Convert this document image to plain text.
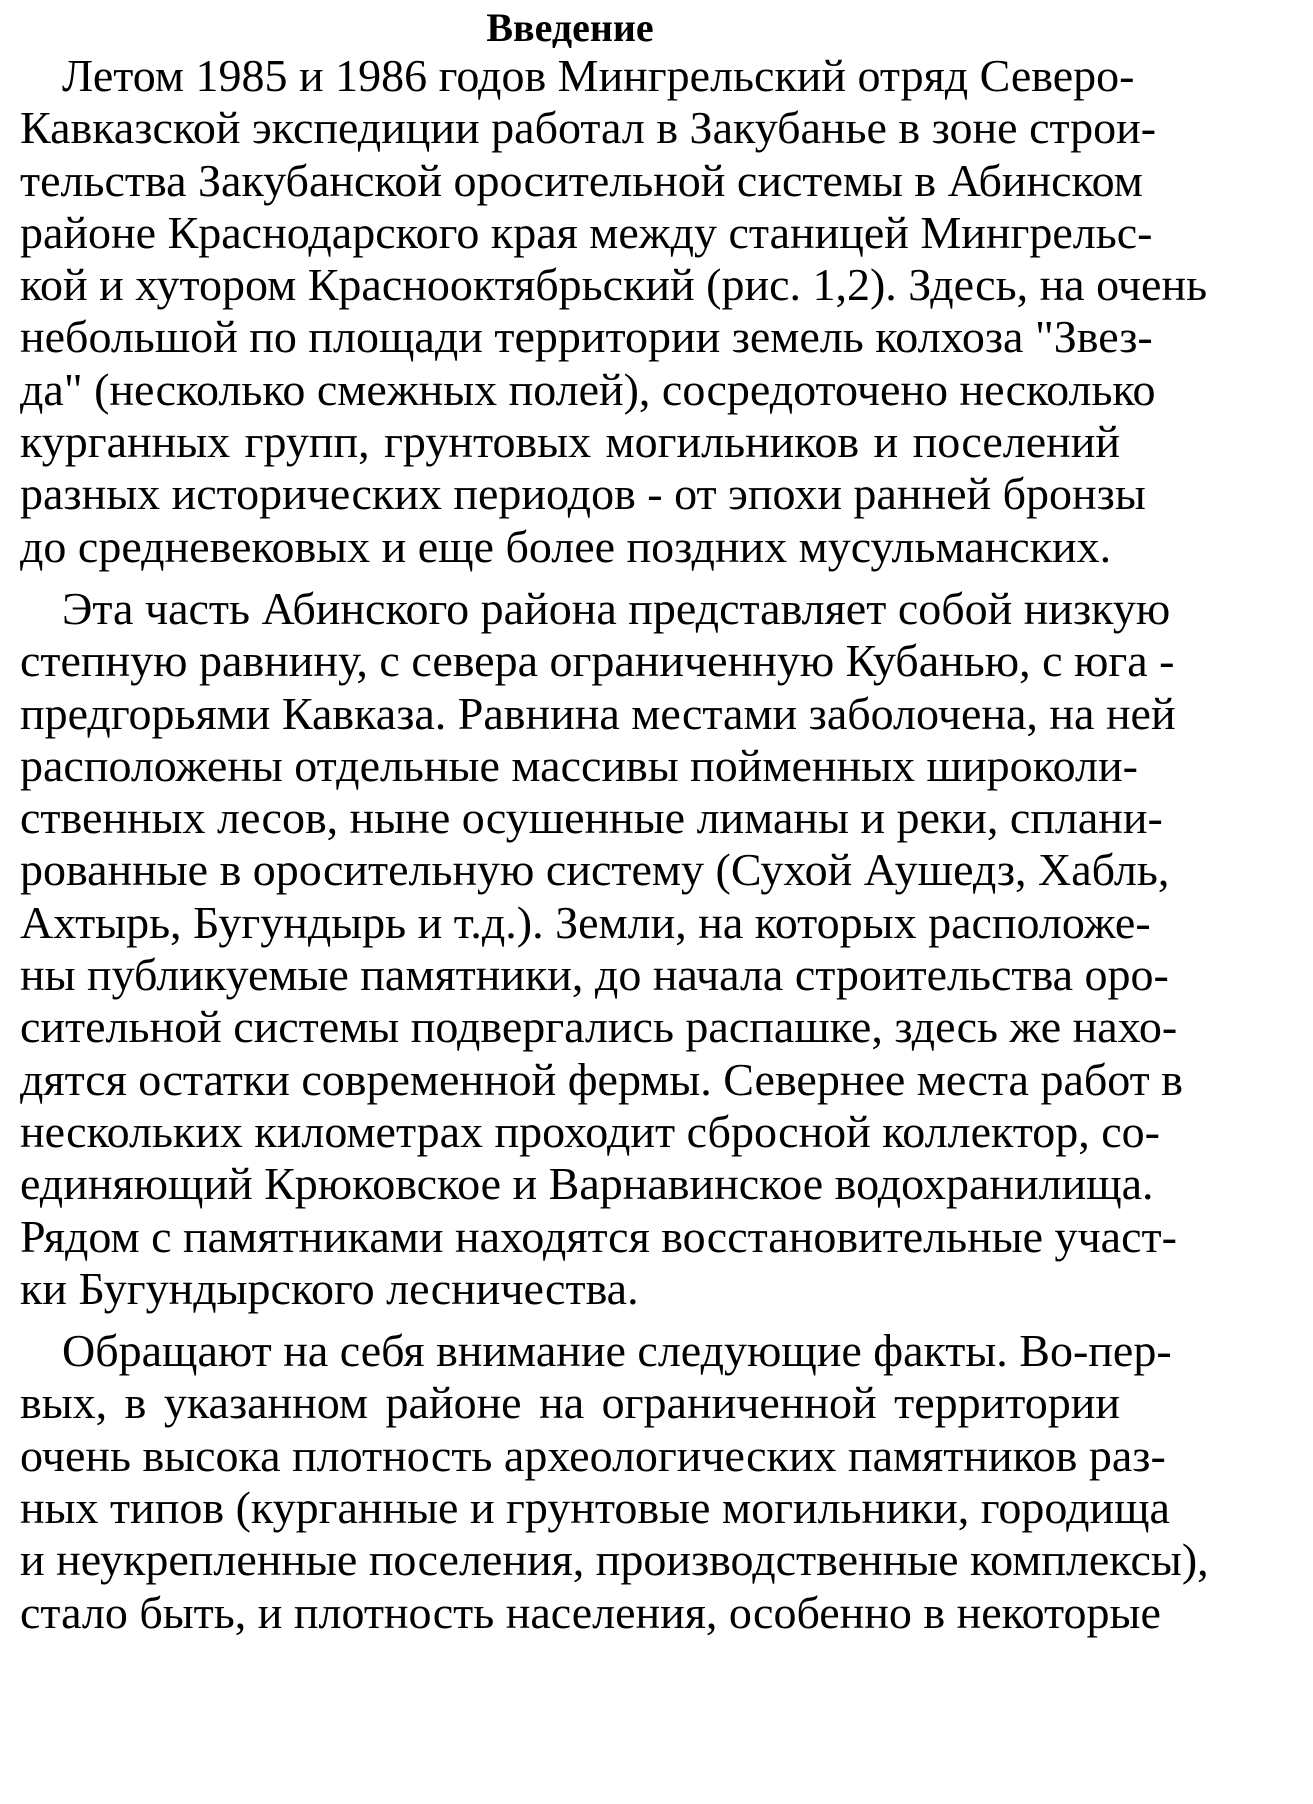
Введение
Летом 1985 и 1986 годов Мингрельский отряд Северо-
Кавказской экспедиции работал в Закубанье в зоне строи-
тельства Закубанской оросительной системы в Абинском
районе Краснодарского края между станицей Мингрельс-
кой и хутором Краснооктябрьский (рис. 1,2). Здесь, на очень
небольшой по площади территории земель колхоза "Звез-
да" (несколько смежных полей), сосредоточено несколько
курганных групп, грунтовых могильников и поселений
разных исторических периодов - от эпохи ранней бронзы
до средневековых и еще более поздних мусульманских.
Эта часть Абинского района представляет собой низкую
степную равнину, с севера ограниченную Кубанью, с юга -
предгорьями Кавказа. Равнина местами заболочена, на ней
расположены отдельные массивы пойменных широколи-
ственных лесов, ныне осушенные лиманы и реки, сплани-
рованные в оросительную систему (Сухой Аушедз, Хабль,
Ахтырь, Бугундырь и т.д.). Земли, на которых расположе-
ны публикуемые памятники, до начала строительства оро-
сительной системы подвергались распашке, здесь же нахо-
дятся остатки современной фермы. Севернее места работ в
нескольких километрах проходит сбросной коллектор, со-
единяющий Крюковское и Варнавинское водохранилища.
Рядом с памятниками находятся восстановительные участ-
ки Бугундырского лесничества.
Обращают на себя внимание следующие факты. Во-пер-
вых, в указанном районе на ограниченной территории
очень высока плотность археологических памятников раз-
ных типов (курганные и грунтовые могильники, городища
и неукрепленные поселения, производственные комплексы),
стало быть, и плотность населения, особенно в некоторые
